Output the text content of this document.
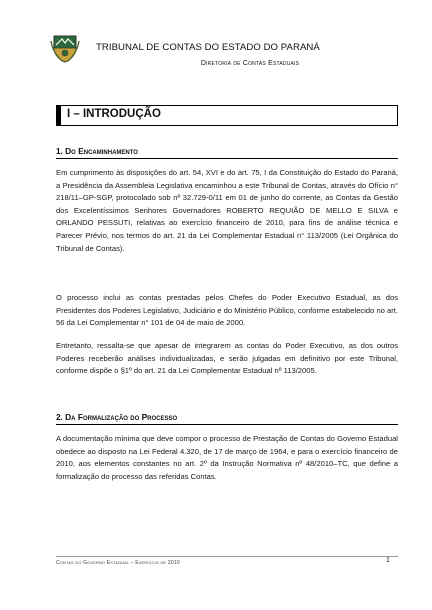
TRIBUNAL DE CONTAS DO ESTADO DO PARANÁ
Diretoria de Contas Estaduais
I – INTRODUÇÃO
1. Do Encaminhamento

Em cumprimento às disposições do art. 54, XVI e do art. 75, I da Constituição do Estado do Paraná, a Presidência da Assembleia Legislativa encaminhou a este Tribunal de Contas, através do Ofício n° 218/11–GP-SGP, protocolado sob nº 32.729-0/11 em 01 de junho do corrente, as Contas da Gestão dos Excelentíssimos Senhores Governadores ROBERTO REQUIÃO DE MELLO E SILVA e ORLANDO PESSUTI, relativas ao exercício financeiro de 2010, para fins de análise técnica e Parecer Prévio, nos termos do art. 21 da Lei Complementar Estadual n° 113/2005 (Lei Orgânica do Tribunal de Contas).

O processo inclui as contas prestadas pelos Chefes do Poder Executivo Estadual, as dos Presidentes dos Poderes Legislativo, Judiciário e do Ministério Público, conforme estabelecido no art. 56 da Lei Complementar n° 101 de 04 de maio de 2000.

Entretanto, ressalta-se que apesar de integrarem as contas do Poder Executivo, as dos outros Poderes receberão análises individualizadas, e serão julgadas em definitivo por este Tribunal, conforme dispõe o §1º do art. 21 da Lei Complementar Estadual nº 113/2005.

2. Da Formalização do Processo

A documentação mínima que deve compor o processo de Prestação de Contas do Governo Estadual obedece ao disposto na Lei Federal 4.320, de 17 de março de 1964, e para o exercício financeiro de 2010, aos elementos constantes no art. 2º da Instrução Normativa nº 48/2010–TC, que define a formalização do processo das referidas Contas.

Contas do Governo Estadual – Exercício de 2010	1
